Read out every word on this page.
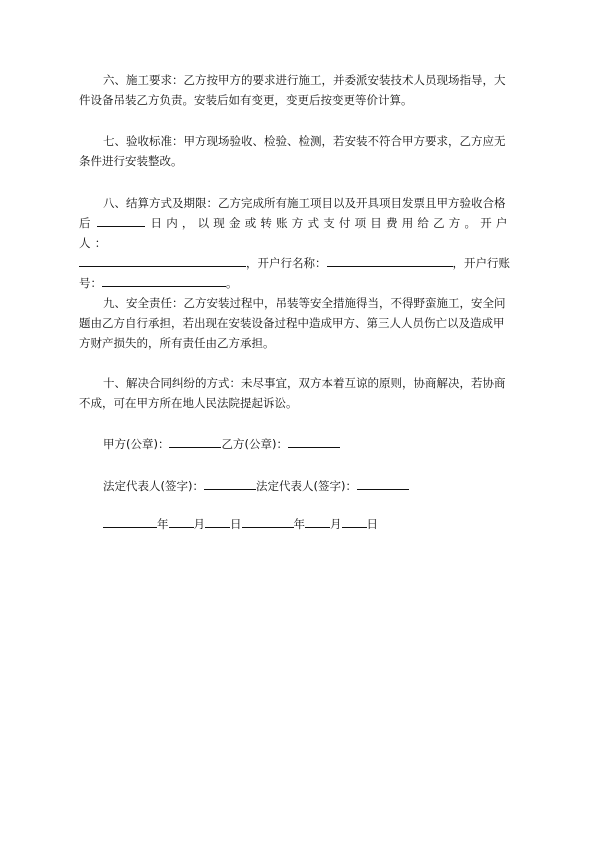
六、施工要求：乙方按甲方的要求进行施工，并委派安装技术人员现场指导，大
件设备吊装乙方负责。安装后如有变更，变更后按变更等价计算。
七、验收标准：甲方现场验收、检验、检测，若安装不符合甲方要求，乙方应无
条件进行安装整改。
八、结算方式及期限：乙方完成所有施工项目以及开具项目发票且甲方验收合格
后	日内，以现金或转账方式支付项目费用给乙方。开户人：
，开户行名称：	，开户行账
号：	。
九、安全责任：乙方安装过程中，吊装等安全措施得当，不得野蛮施工，安全问
题由乙方自行承担，若出现在安装设备过程中造成甲方、第三人人员伤亡以及造成甲
方财产损失的，所有责任由乙方承担。
十、解决合同纠纷的方式：未尽事宜，双方本着互谅的原则，协商解决，若协商
不成，可在甲方所在地人民法院提起诉讼。
甲方(公章)：	乙方(公章)：
法定代表人(签字)：	法定代表人(签字)：
年 月 日	年 月 日
